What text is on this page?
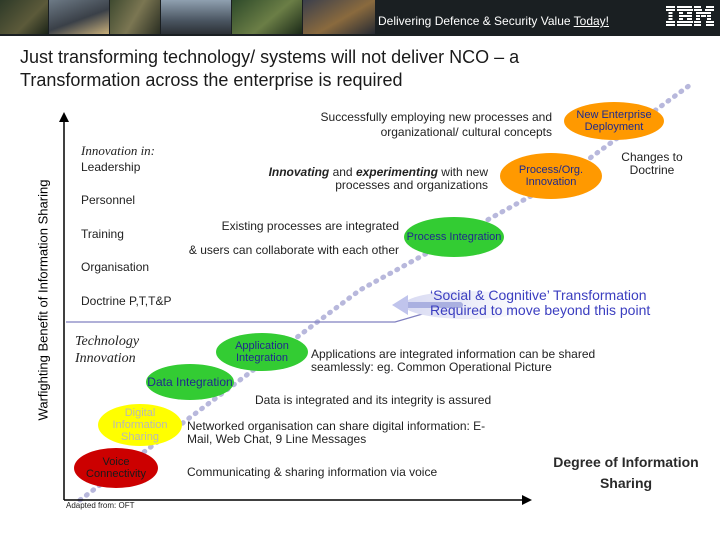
Delivering Defence & Security Value Today!
Just transforming technology/ systems will not deliver NCO – a
Transformation across the enterprise is required
Warfighting Benefit of Information Sharing
Innovation in:
Leadership
Personnel
Training
Organisation
Doctrine P,T,T&P
Technology
Innovation
Voice Connectivity
Digital Information Sharing
Data Integration
Application Integration
Process Integration
Process/Org. Innovation
New Enterprise Deployment
Communicating & sharing information via voice
Networked organisation can share digital information: E-
Mail, Web Chat, 9 Line Messages
Data is integrated and its integrity is assured
Applications are integrated information can be shared
seamlessly: eg. Common Operational Picture
Existing processes are integrated
& users can collaborate with each other
Innovating and experimenting with new
processes and organizations
Successfully employing new processes and
organizational/ cultural concepts
Changes to
Doctrine
‘Social & Cognitive’ Transformation
Required to move beyond this point
Degree of Information
Sharing
Adapted from: OFT
